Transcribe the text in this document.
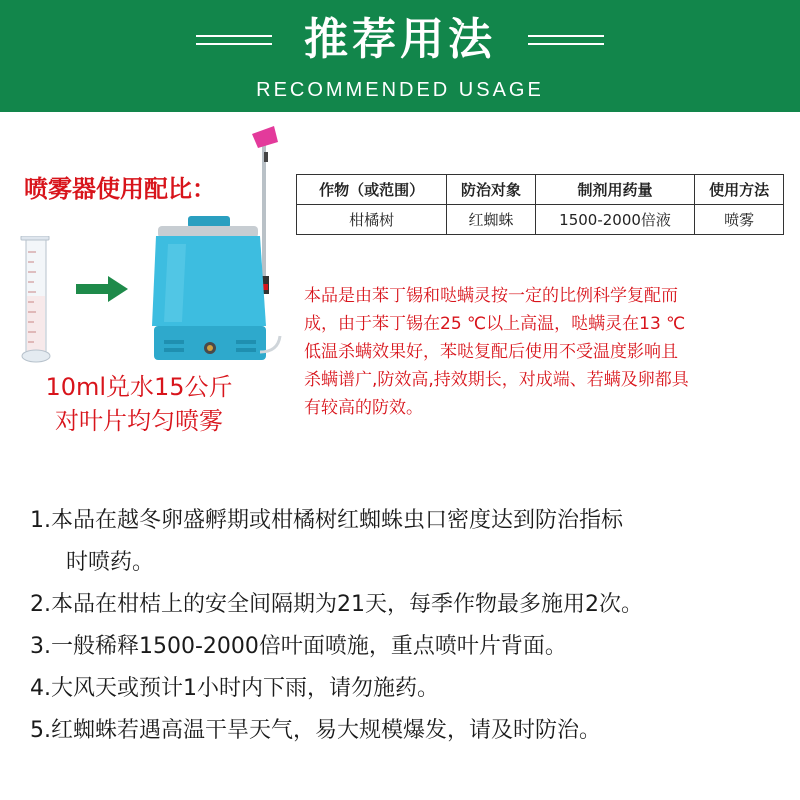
推荐用法
RECOMMENDED USAGE
喷雾器使用配比：
10ml兑水15公斤
对叶片均匀喷雾
作物（或范围）	防治对象	制剂用药量	使用方法
柑橘树	红蜘蛛	1500-2000倍液	喷雾
本品是由苯丁锡和哒螨灵按一定的比例科学复配而
成，由于苯丁锡在25 ℃以上高温，哒螨灵在13 ℃
低温杀螨效果好，苯哒复配后使用不受温度影响且
杀螨谱广,防效高,持效期长，对成端、若螨及卵都具
有较高的防效。
1.本品在越冬卵盛孵期或柑橘树红蜘蛛虫口密度达到防治指标
时喷药。
2.本品在柑桔上的安全间隔期为21天，每季作物最多施用2次。
3.一般稀释1500-2000倍叶面喷施，重点喷叶片背面。
4.大风天或预计1小时内下雨，请勿施药。
5.红蜘蛛若遇高温干旱天气，易大规模爆发，请及时防治。
